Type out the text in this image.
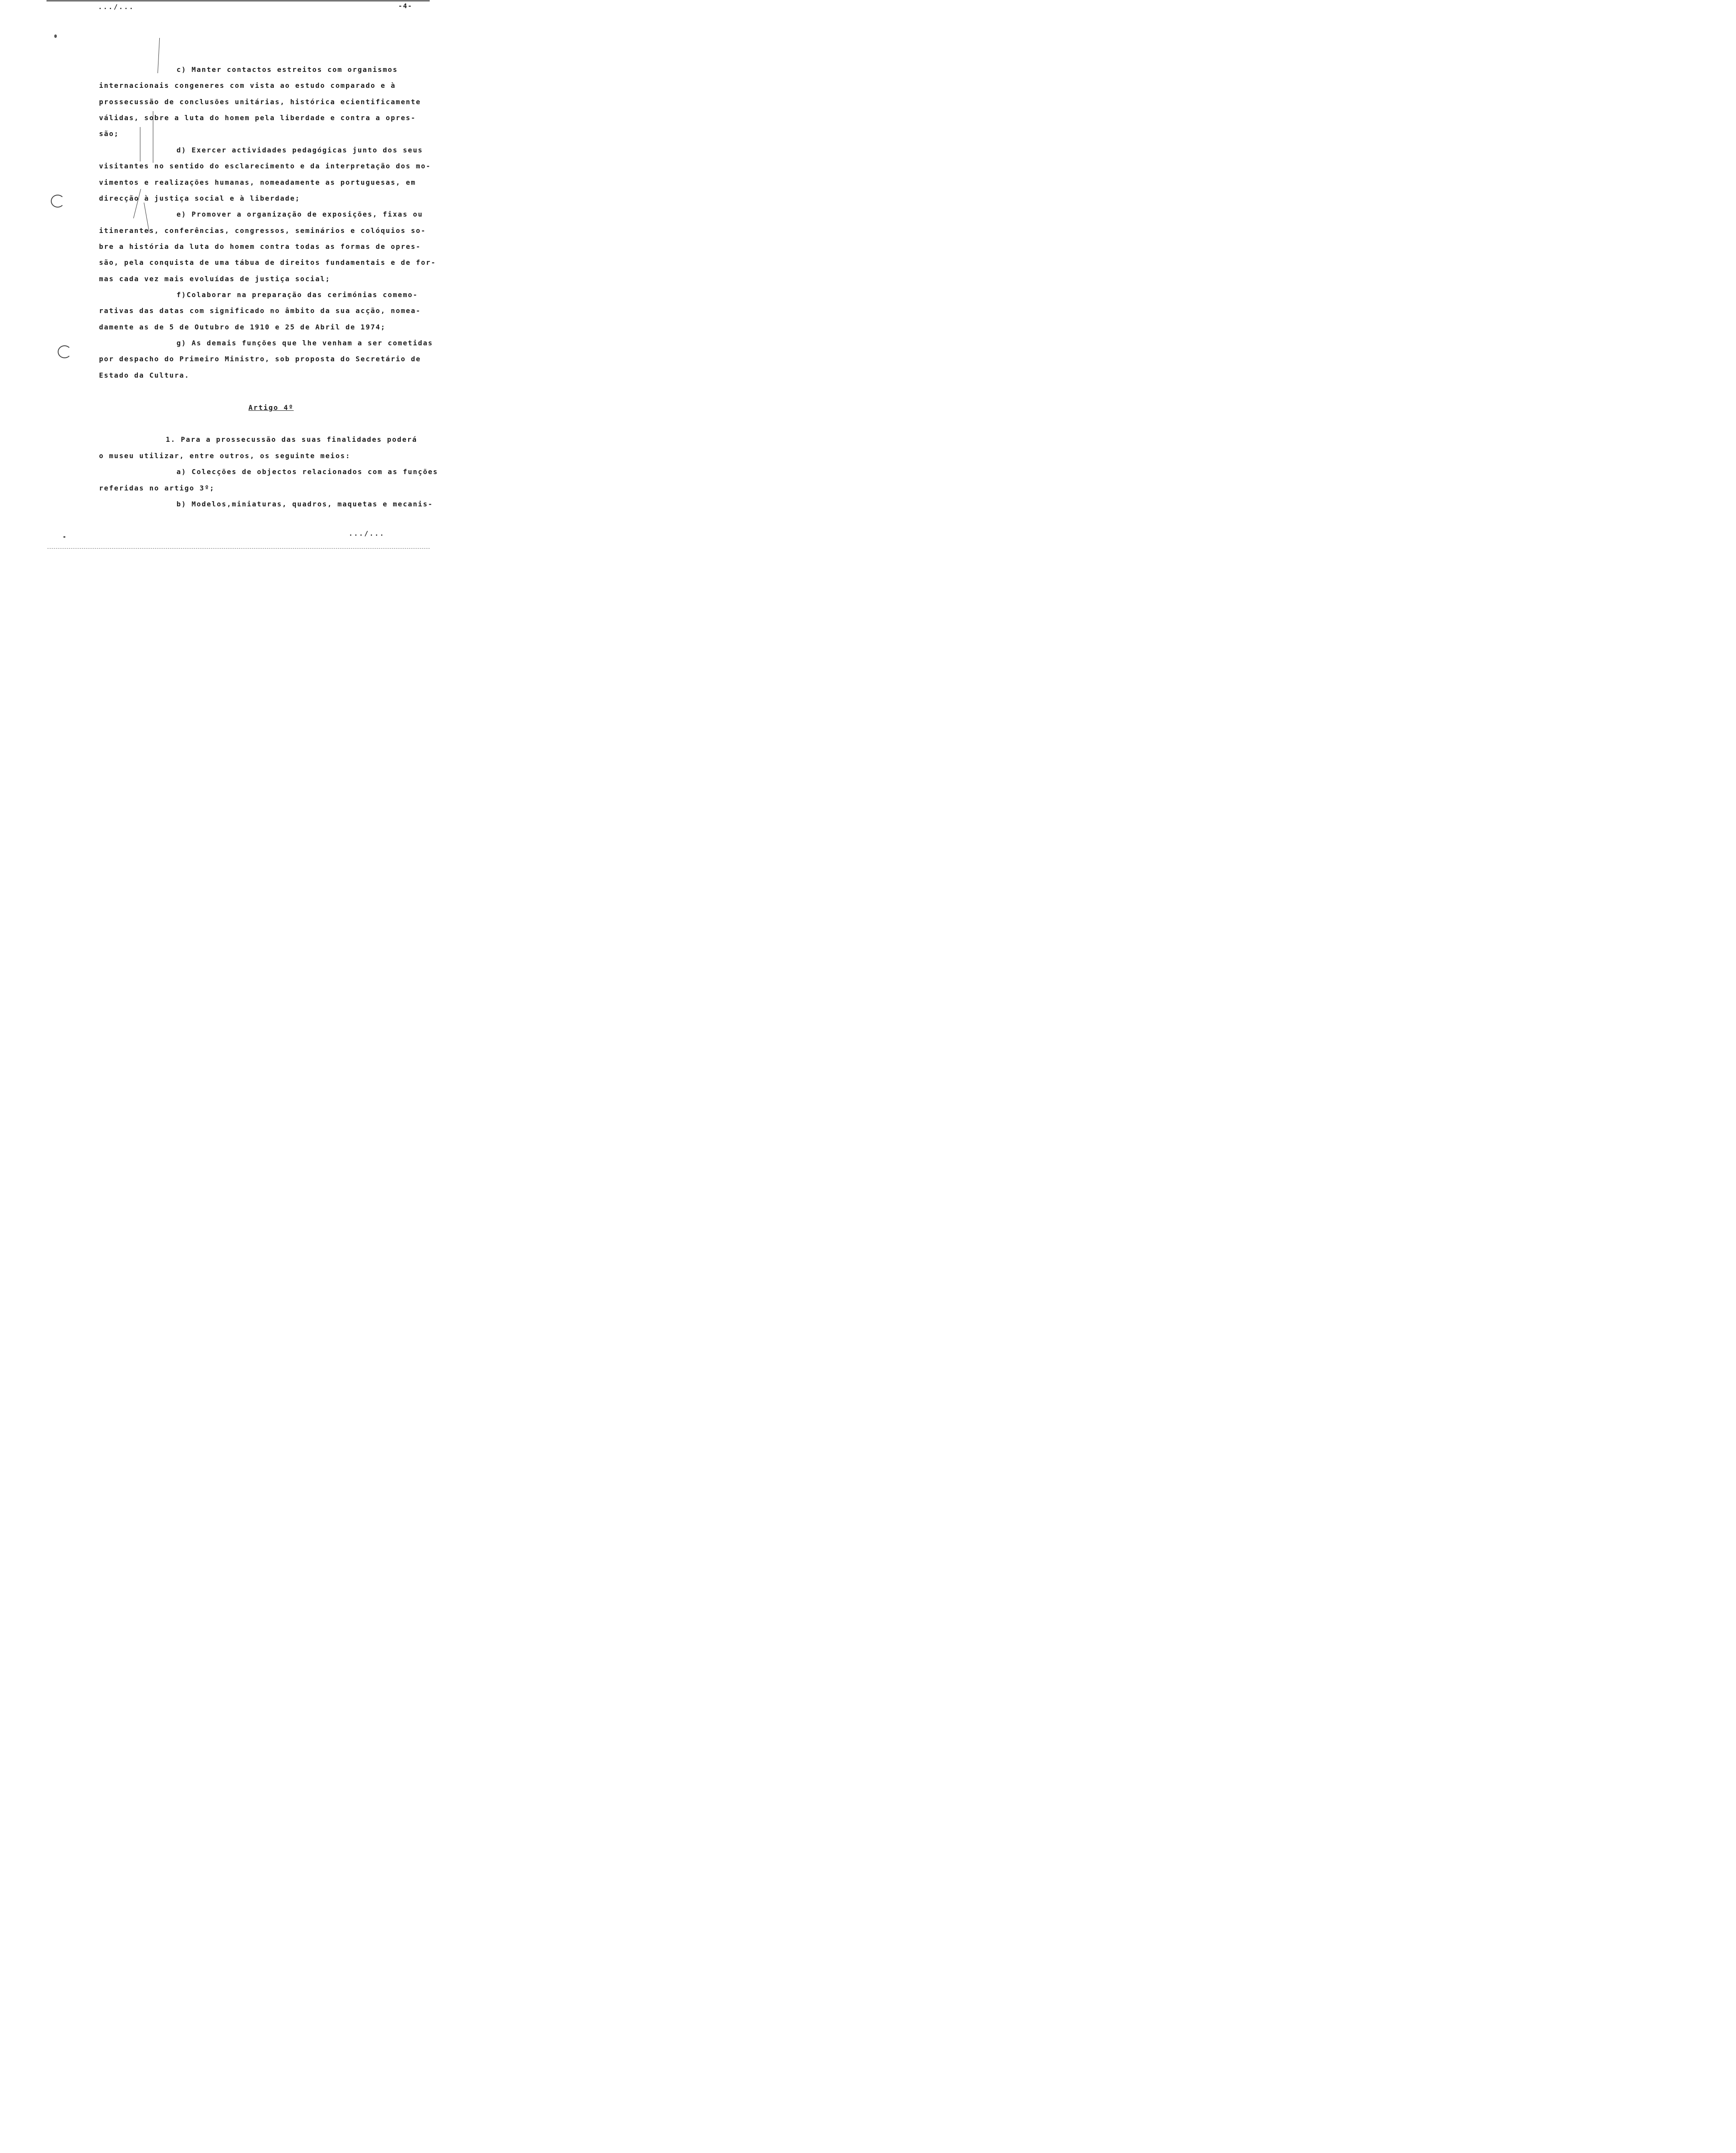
.../...	-4-
c) Manter contactos estreitos com organismos
internacionais congeneres com vista ao estudo comparado e à
prossecussão de conclusões unitárias, histórica ecientificamente
válidas, sobre a luta do homem pela liberdade e contra a opres-
são;
d) Exercer actividades pedagógicas junto dos seus
visitantes no sentido do esclarecimento e da interpretação dos mo-
vimentos e realizações humanas, nomeadamente as portuguesas, em
direcção à justiça social e à liberdade;
e) Promover a organização de exposições, fixas ou
itinerantes, conferências, congressos, seminários e colóquios so-
bre a história da luta do homem contra todas as formas de opres-
são, pela conquista de uma tábua de direitos fundamentais e de for-
mas cada vez mais evoluídas de justiça social;
f)Colaborar na preparação das cerimónias comemo-
rativas das datas com significado no âmbito da sua acção, nomea-
damente as de 5 de Outubro de 1910 e 25 de Abril de 1974;
g) As demais funções que lhe venham a ser cometidas
por despacho do Primeiro Ministro, sob proposta do Secretário de
Estado da Cultura.
Artigo 4º
1. Para a prossecussão das suas finalidades poderá
o museu utilizar, entre outros, os seguinte meios:
a) Colecções de objectos relacionados com as funções
referidas no artigo 3º;
b) Modelos,miniaturas, quadros, maquetas e mecanis-
.../...
